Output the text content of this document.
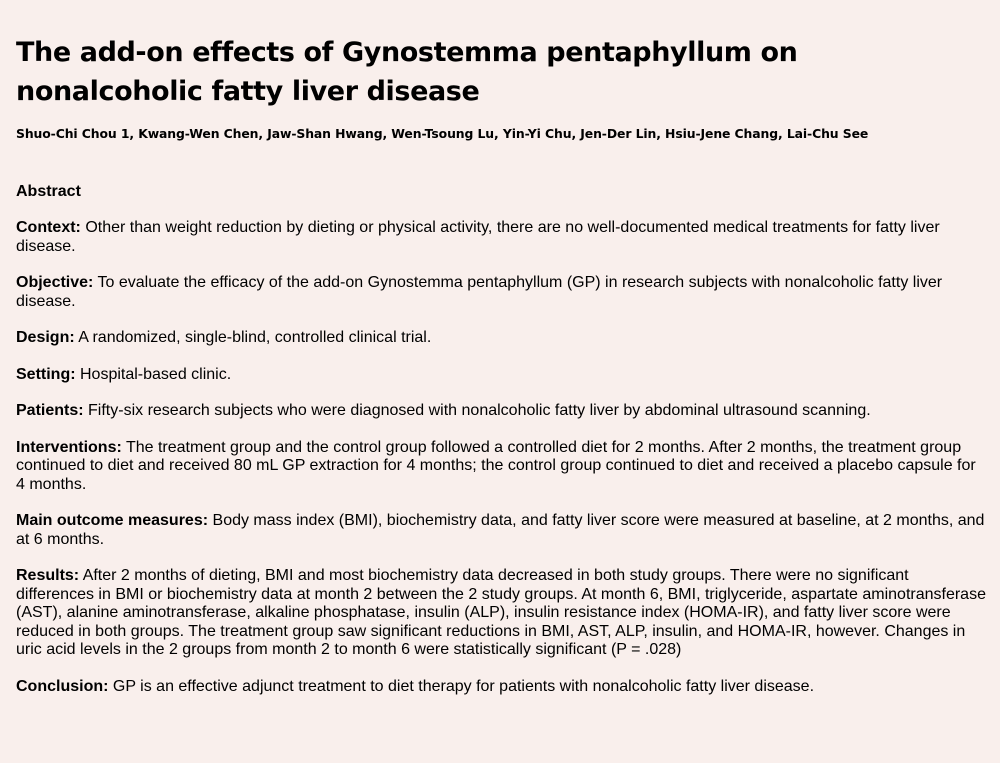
The add-on effects of Gynostemma pentaphyllum on nonalcoholic fatty liver disease
Shuo-Chi Chou 1, Kwang-Wen Chen, Jaw-Shan Hwang, Wen-Tsoung Lu, Yin-Yi Chu, Jen-Der Lin, Hsiu-Jene Chang, Lai-Chu See
Abstract
Context: Other than weight reduction by dieting or physical activity, there are no well-documented medical treatments for fatty liver disease.
Objective: To evaluate the efficacy of the add-on Gynostemma pentaphyllum (GP) in research subjects with nonalcoholic fatty liver disease.
Design: A randomized, single-blind, controlled clinical trial.
Setting: Hospital-based clinic.
Patients: Fifty-six research subjects who were diagnosed with nonalcoholic fatty liver by abdominal ultrasound scanning.
Interventions: The treatment group and the control group followed a controlled diet for 2 months. After 2 months, the treatment group continued to diet and received 80 mL GP extraction for 4 months; the control group continued to diet and received a placebo capsule for 4 months.
Main outcome measures: Body mass index (BMI), biochemistry data, and fatty liver score were measured at baseline, at 2 months, and at 6 months.
Results: After 2 months of dieting, BMI and most biochemistry data decreased in both study groups. There were no significant differences in BMI or biochemistry data at month 2 between the 2 study groups. At month 6, BMI, triglyceride, aspartate aminotransferase (AST), alanine aminotransferase, alkaline phosphatase, insulin (ALP), insulin resistance index (HOMA-IR), and fatty liver score were reduced in both groups. The treatment group saw significant reductions in BMI, AST, ALP, insulin, and HOMA-IR, however. Changes in uric acid levels in the 2 groups from month 2 to month 6 were statistically significant (P = .028)
Conclusion: GP is an effective adjunct treatment to diet therapy for patients with nonalcoholic fatty liver disease.
